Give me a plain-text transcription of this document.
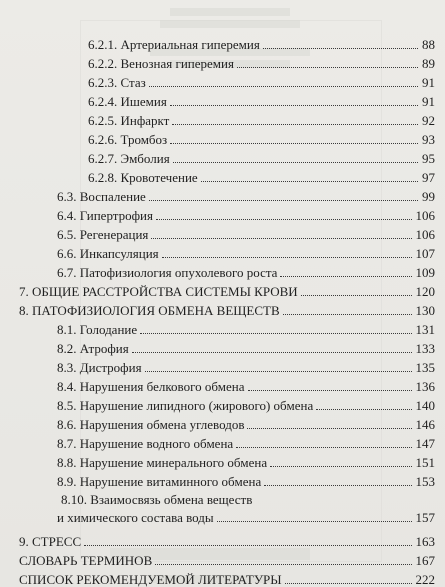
6.2.1. Артериальная гиперемия	88
6.2.2. Венозная гиперемия	89
6.2.3. Стаз	91
6.2.4. Ишемия	91
6.2.5. Инфаркт	92
6.2.6. Тромбоз	93
6.2.7. Эмболия	95
6.2.8. Кровотечение	97
6.3. Воспаление	99
6.4. Гипертрофия	106
6.5. Регенерация	106
6.6. Инкапсуляция	107
6.7. Патофизиология опухолевого роста	109
7. ОБЩИЕ РАССТРОЙСТВА СИСТЕМЫ КРОВИ	120
8. ПАТОФИЗИОЛОГИЯ ОБМЕНА ВЕЩЕСТВ	130
8.1. Голодание	131
8.2. Атрофия	133
8.3. Дистрофия	135
8.4. Нарушения белкового обмена	136
8.5. Нарушение липидного (жирового) обмена	140
8.6. Нарушения обмена углеводов	146
8.7. Нарушение водного обмена	147
8.8. Нарушение минерального обмена	151
8.9. Нарушение витаминного обмена	153
8.10. Взаимосвязь обмена веществ
и химического состава воды	157
9. СТРЕСС	163
СЛОВАРЬ ТЕРМИНОВ	167
СПИСОК РЕКОМЕНДУЕМОЙ ЛИТЕРАТУРЫ	222
